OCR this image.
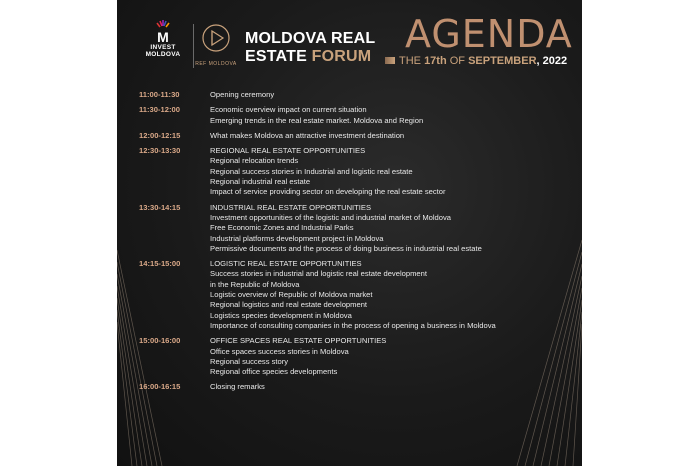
M
INVEST
MOLDOVA
REF MOLDOVA
MOLDOVA REAL
ESTATE FORUM
AGENDA
THE 17th OF SEPTEMBER, 2022
11:00-11:30	Opening ceremony
11:30-12:00	Economic overview impact on current situation
Emerging trends in the real estate market. Moldova and Region
12:00-12:15	What makes Moldova an attractive investment destination
12:30-13:30	REGIONAL REAL ESTATE OPPORTUNITIES
Regional relocation trends
Regional success stories in Industrial and logistic real estate
Regional industrial real estate
Impact of service providing sector on developing the real estate sector
13:30-14:15	INDUSTRIAL REAL ESTATE OPPORTUNITIES
Investment opportunities of the logistic and industrial market of Moldova
Free Economic Zones and Industrial Parks
Industrial platforms development project in Moldova
Permissive documents and the process of doing business in industrial real estate
14:15-15:00	LOGISTIC REAL ESTATE OPPORTUNITIES
Success stories in industrial and logistic real estate development
in the Republic of Moldova
Logistic overview of Republic of Moldova market
Regional logistics and real estate development
Logistics species development in Moldova
Importance of consulting companies in the process of opening a business in Moldova
15:00-16:00	OFFICE SPACES REAL ESTATE OPPORTUNITIES
Office spaces success stories in Moldova
Regional success story
Regional office species developments
16:00-16:15	Closing remarks
